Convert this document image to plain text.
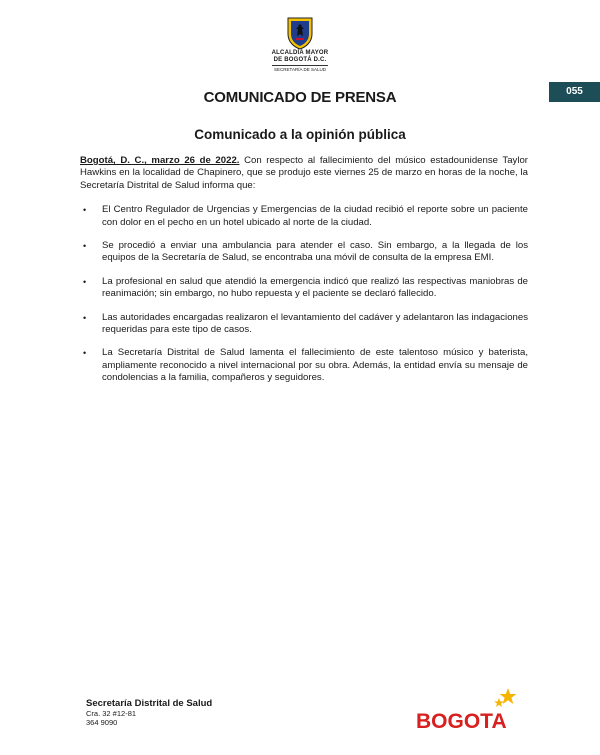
ALCALDÍA MAYOR
DE BOGOTÁ D.C.
SECRETARÍA DE SALUD
COMUNICADO DE PRENSA	055
Comunicado a la opinión pública

Bogotá, D. C., marzo 26 de 2022. Con respecto al fallecimiento del músico estadounidense Taylor Hawkins en la localidad de Chapinero, que se produjo este viernes 25 de marzo en horas de la noche, la Secretaría Distrital de Salud informa que:

• El Centro Regulador de Urgencias y Emergencias de la ciudad recibió el reporte sobre un paciente con dolor en el pecho en un hotel ubicado al norte de la ciudad.
• Se procedió a enviar una ambulancia para atender el caso. Sin embargo, a la llegada de los equipos de la Secretaría de Salud, se encontraba una móvil de consulta de la empresa EMI.
• La profesional en salud que atendió la emergencia indicó que realizó las respectivas maniobras de reanimación; sin embargo, no hubo repuesta y el paciente se declaró fallecido.
• Las autoridades encargadas realizaron el levantamiento del cadáver y adelantaron las indagaciones requeridas para este tipo de casos.
• La Secretaría Distrital de Salud lamenta el fallecimiento de este talentoso músico y baterista, ampliamente reconocido a nivel internacional por su obra. Además, la entidad envía su mensaje de condolencias a la familia, compañeros y seguidores.
Secretaría Distrital de Salud
Cra. 32 #12-81
364 9090	BOGOTA
